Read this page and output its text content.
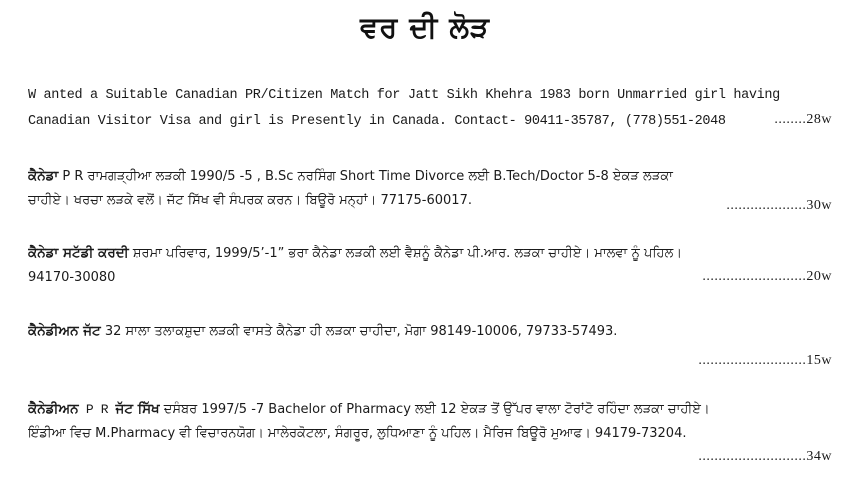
ਵਰ ਦੀ ਲੋੜ
W anted a Suitable Canadian PR/Citizen Match for Jatt Sikh Khehra 1983 born Unmarried girl having
Canadian Visitor Visa and girl is Presently in Canada. Contact- 90411-35787, (778)551-2048	........28w
ਕੈਨੇਡਾ P R ਰਾਮਗੜ੍ਹੀਆ ਲੜਕੀ 1990/5 -5 , B.Sc ਨਰਸਿੰਗ Short Time Divorce ਲਈ B.Tech/Doctor 5-8 ਏਕੜ ਲੜਕਾ
ਚਾਹੀਏ। ਖਰਚਾ ਲੜਕੇ ਵਲੋਂ। ਜੱਟ ਸਿੱਖ ਵੀ ਸੰਪਰਕ ਕਰਨ। ਬਿਊਰੋ ਮਨ੍ਹਾਂ। 77175-60017.	....................30w
ਕੈਨੇਡਾ ਸਟੱਡੀ ਕਰਦੀ ਸ਼ਰਮਾ ਪਰਿਵਾਰ, 1999/5’-1” ਭਰਾ ਕੈਨੇਡਾ ਲੜਕੀ ਲਈ ਵੈਸ਼ਨੂੰ ਕੈਨੇਡਾ ਪੀ.ਆਰ. ਲੜਕਾ ਚਾਹੀਏ। ਮਾਲਵਾ ਨੂੰ ਪਹਿਲ।
94170-30080	..........................20w
ਕੈਨੇਡੀਅਨ ਜੱਟ 32 ਸਾਲਾ ਤਲਾਕਸ਼ੁਦਾ ਲੜਕੀ ਵਾਸਤੇ ਕੈਨੇਡਾ ਹੀ ਲੜਕਾ ਚਾਹੀਦਾ, ਮੋਗਾ 98149-10006, 79733-57493.
...........................15w
ਕੈਨੇਡੀਅਨ P R ਜੱਟ ਸਿੱਖ ਦਸੰਬਰ 1997/5 -7 Bachelor of Pharmacy ਲਈ 12 ਏਕੜ ਤੋਂ ਉੱਪਰ ਵਾਲਾ ਟੋਰਾਂਟੋ ਰਹਿੰਦਾ ਲੜਕਾ ਚਾਹੀਏ।
ਇੰਡੀਆ ਵਿਚ M.Pharmacy ਵੀ ਵਿਚਾਰਨਯੋਗ। ਮਾਲੇਰਕੋਟਲਾ, ਸੰਗਰੂਰ, ਲੁਧਿਆਣਾ ਨੂੰ ਪਹਿਲ। ਮੈਰਿਜ ਬਿਊਰੋ ਮੁਆਫ। 94179-73204.
...........................34w
